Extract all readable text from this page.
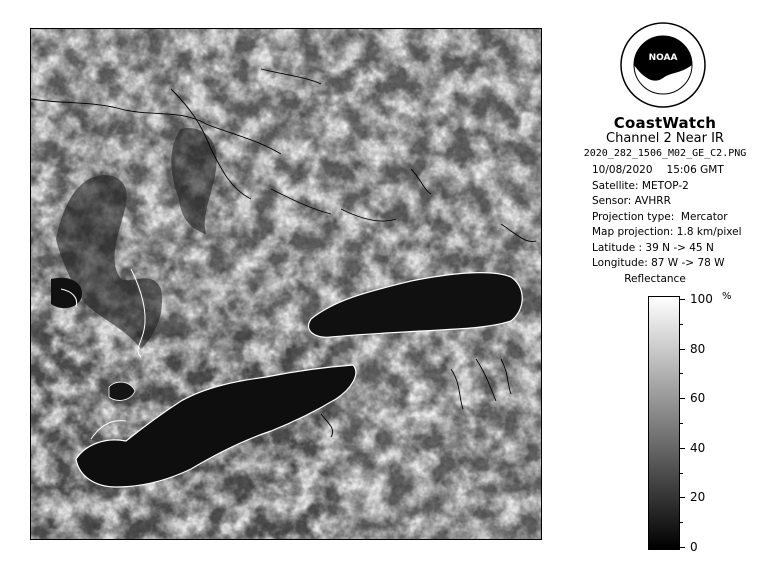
NOAA
CoastWatch
Channel 2 Near IR
2020_282_1506_M02_GE_C2.PNG
10/08/2020 15:06 GMT
Satellite: METOP-2
Sensor: AVHRR
Projection type:  Mercator
Map projection: 1.8 km/pixel
Latitude : 39 N -> 45 N
Longitude: 87 W -> 78 W
Reflectance
100
80
60
40
20
0
%
